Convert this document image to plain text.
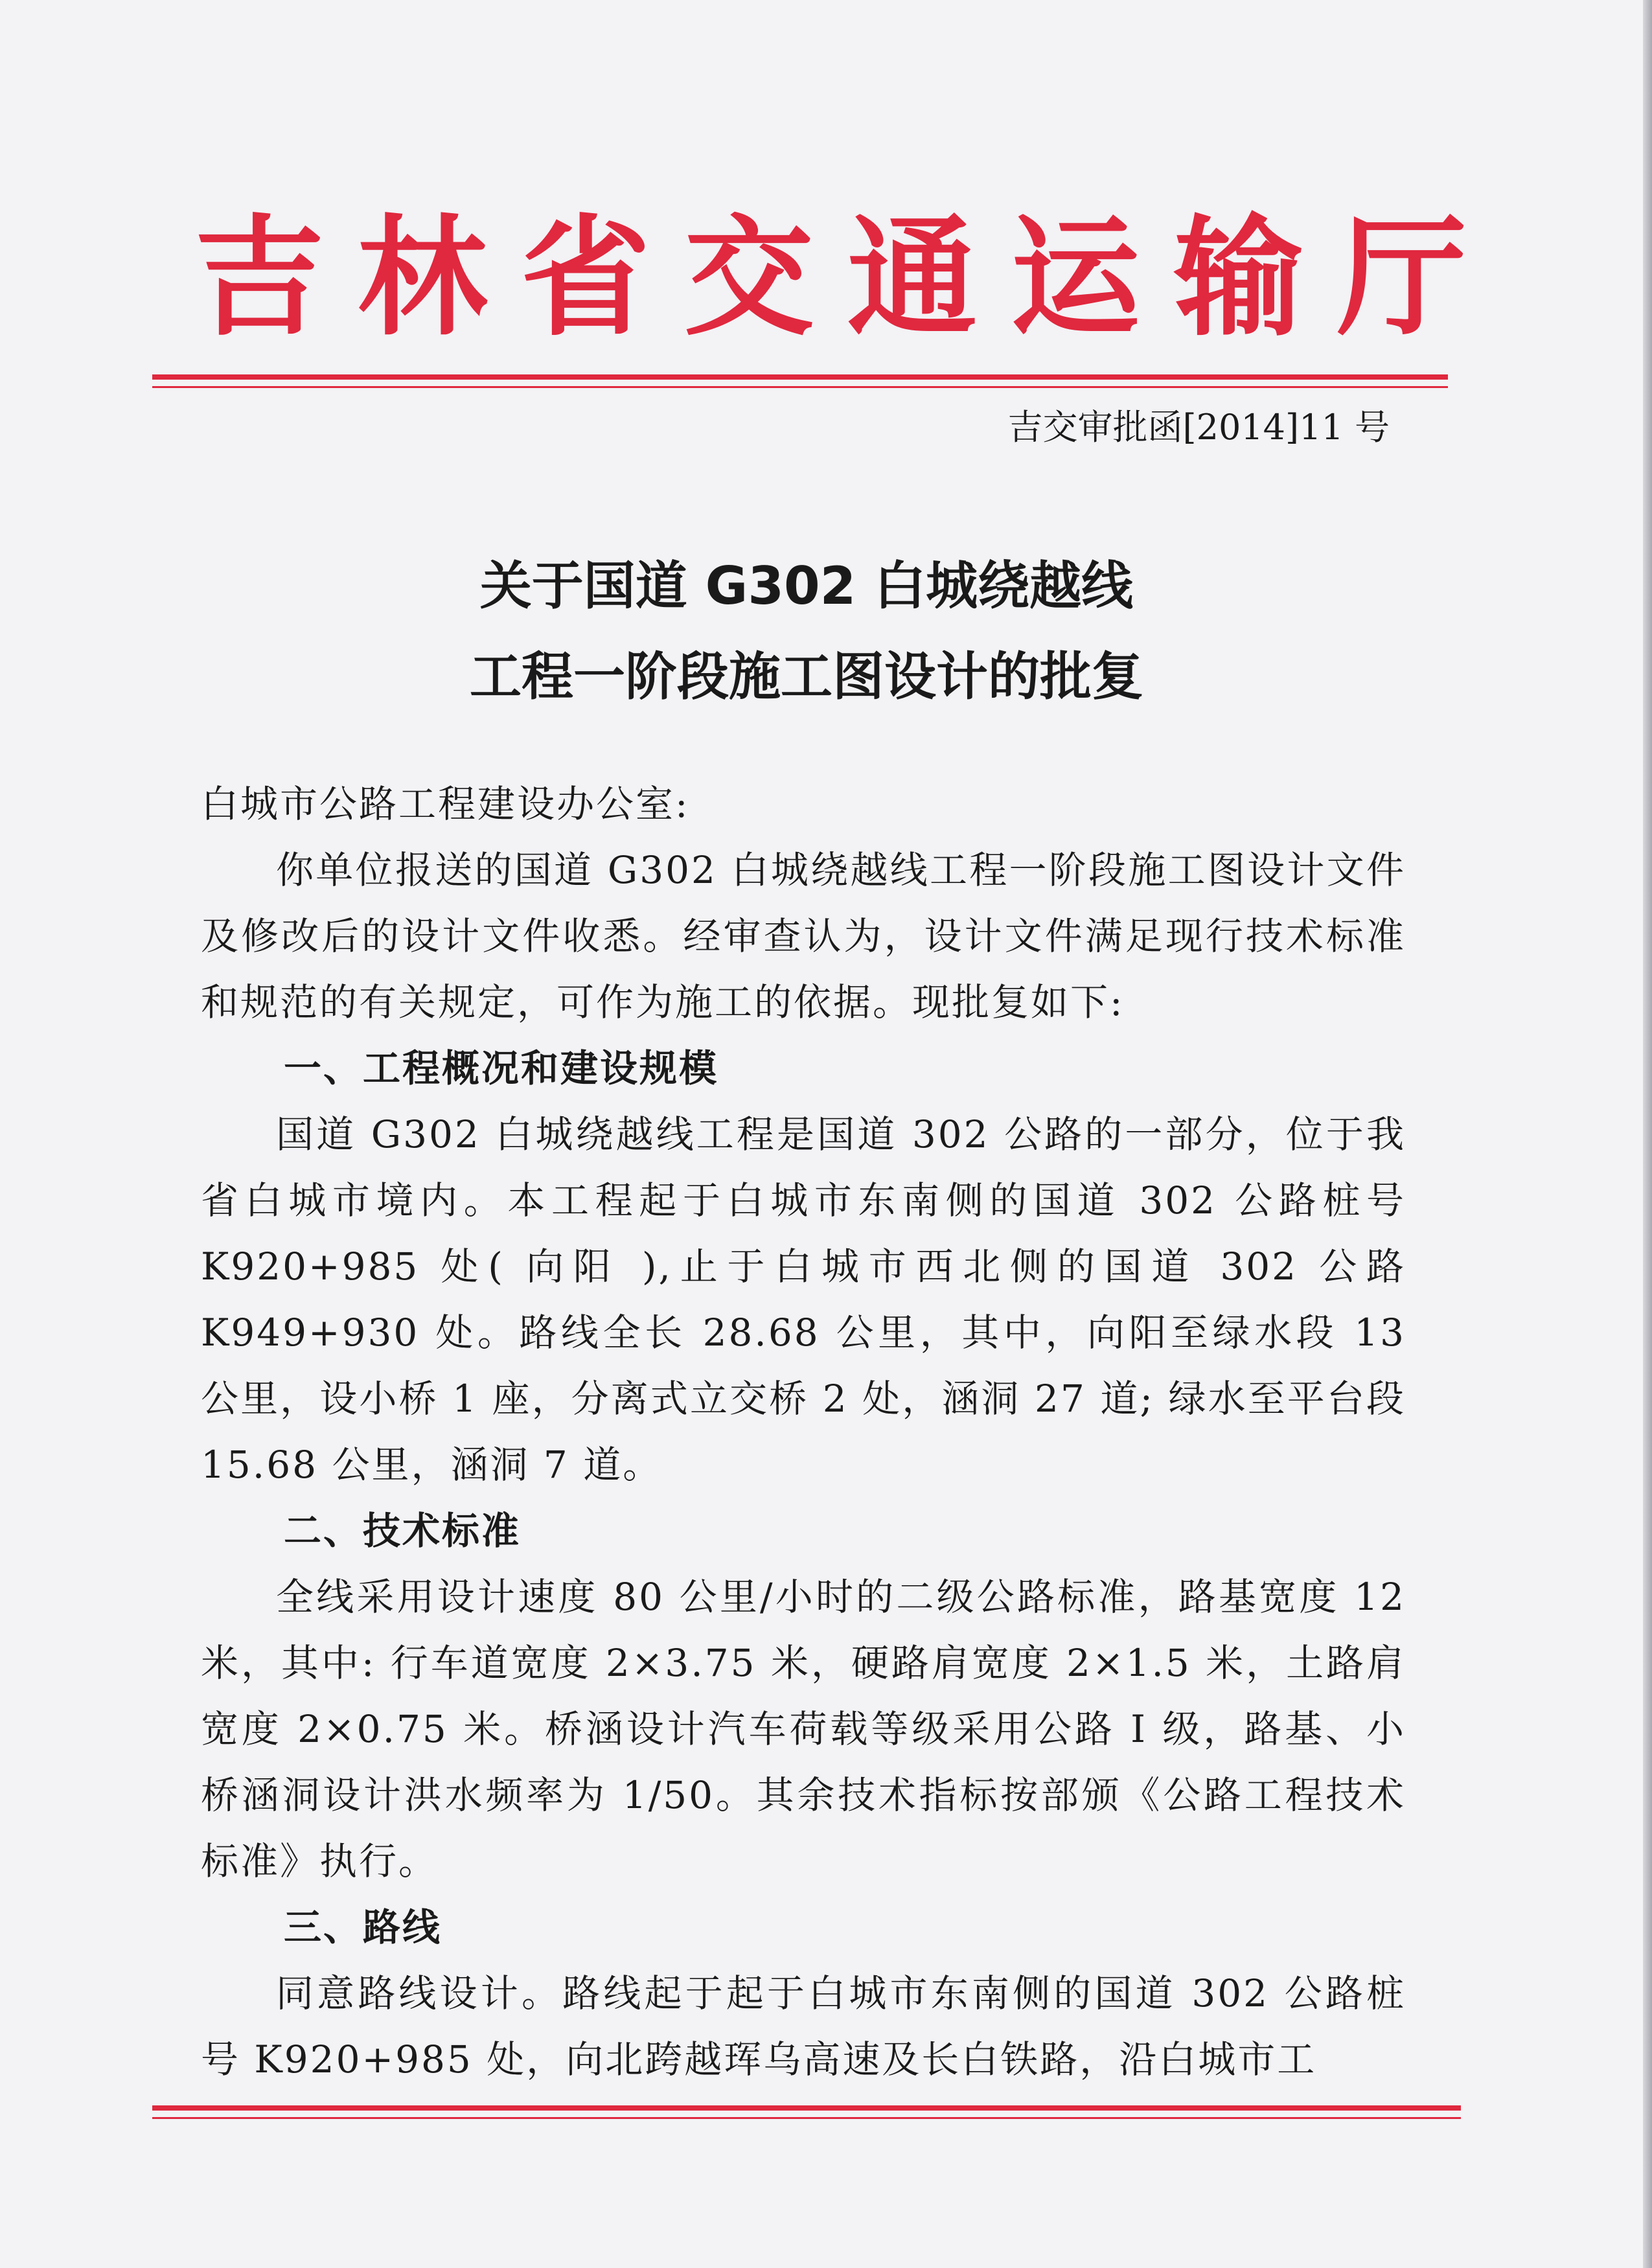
吉林省交通运输厅
吉交审批函[2014]11 号
关于国道 G302 白城绕越线
工程一阶段施工图设计的批复

白城市公路工程建设办公室:

你单位报送的国道 G302 白城绕越线工程一阶段施工图设计文件及修改后的设计文件收悉。经审查认为，设计文件满足现行技术标准和规范的有关规定，可作为施工的依据。现批复如下:

一、工程概况和建设规模

国道 G302 白城绕越线工程是国道 302 公路的一部分，位于我省白城市境内。本工程起于白城市东南侧的国道 302 公路桩号 K920+985 处( 向阳 ),止于白城市西北侧的国道 302 公路 K949+930 处。路线全长 28.68 公里，其中，向阳至绿水段 13 公里，设小桥 1 座，分离式立交桥 2 处，涵洞 27 道; 绿水至平台段 15.68 公里，涵洞 7 道。

二、技术标准

全线采用设计速度 80 公里/小时的二级公路标准，路基宽度 12 米，其中: 行车道宽度 2×3.75 米，硬路肩宽度 2×1.5 米，土路肩宽度 2×0.75 米。桥涵设计汽车荷载等级采用公路 I 级，路基、小桥涵洞设计洪水频率为 1/50。其余技术指标按部颁《公路工程技术标准》执行。

三、路线

同意路线设计。路线起于起于白城市东南侧的国道 302 公路桩号 K920+985 处，向北跨越珲乌高速及长白铁路，沿白城市工
